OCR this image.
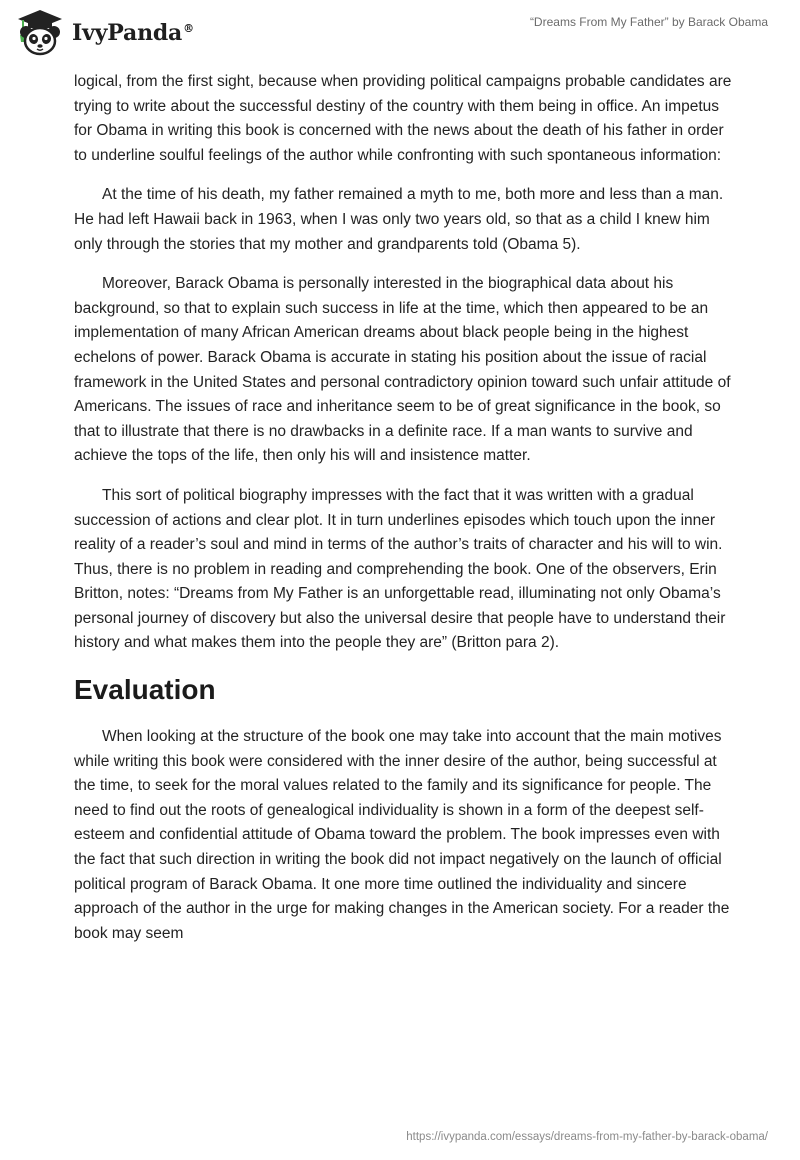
IvyPanda®	“Dreams From My Father” by Barack Obama

logical, from the first sight, because when providing political campaigns probable candidates are trying to write about the successful destiny of the country with them being in office. An impetus for Obama in writing this book is concerned with the news about the death of his father in order to underline soulful feelings of the author while confronting with such spontaneous information:

At the time of his death, my father remained a myth to me, both more and less than a man. He had left Hawaii back in 1963, when I was only two years old, so that as a child I knew him only through the stories that my mother and grandparents told (Obama 5).

Moreover, Barack Obama is personally interested in the biographical data about his background, so that to explain such success in life at the time, which then appeared to be an implementation of many African American dreams about black people being in the highest echelons of power. Barack Obama is accurate in stating his position about the issue of racial framework in the United States and personal contradictory opinion toward such unfair attitude of Americans. The issues of race and inheritance seem to be of great significance in the book, so that to illustrate that there is no drawbacks in a definite race. If a man wants to survive and achieve the tops of the life, then only his will and insistence matter.

This sort of political biography impresses with the fact that it was written with a gradual succession of actions and clear plot. It in turn underlines episodes which touch upon the inner reality of a reader’s soul and mind in terms of the author’s traits of character and his will to win. Thus, there is no problem in reading and comprehending the book. One of the observers, Erin Britton, notes: “Dreams from My Father is an unforgettable read, illuminating not only Obama’s personal journey of discovery but also the universal desire that people have to understand their history and what makes them into the people they are” (Britton para 2).

Evaluation

When looking at the structure of the book one may take into account that the main motives while writing this book were considered with the inner desire of the author, being successful at the time, to seek for the moral values related to the family and its significance for people. The need to find out the roots of genealogical individuality is shown in a form of the deepest self-esteem and confidential attitude of Obama toward the problem. The book impresses even with the fact that such direction in writing the book did not impact negatively on the launch of official political program of Barack Obama. It one more time outlined the individuality and sincere approach of the author in the urge for making changes in the American society. For a reader the book may seem

https://ivypanda.com/essays/dreams-from-my-father-by-barack-obama/
